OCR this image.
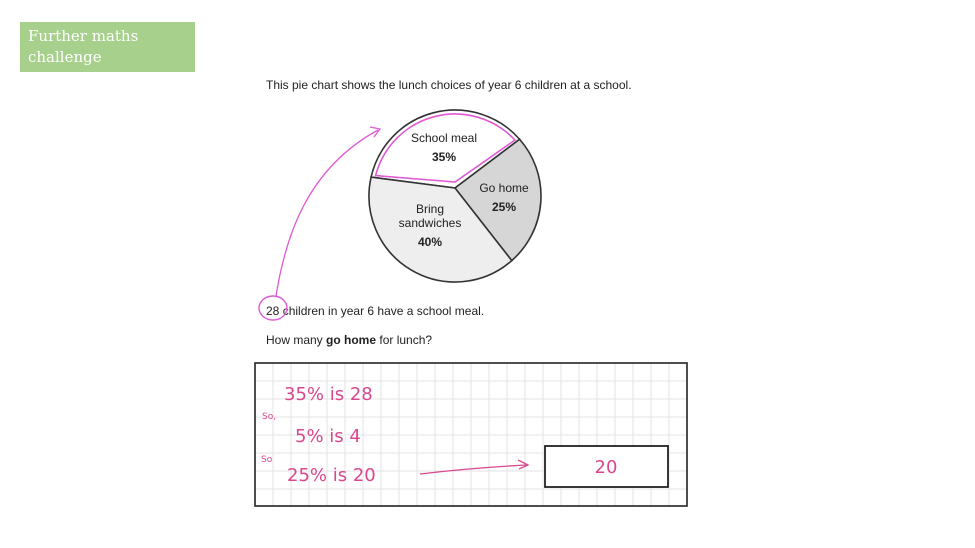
Further maths challenge
This pie chart shows the lunch choices of year 6 children at a school.
28 children in year 6 have a school meal.
How many go home for lunch?
School meal
35%
Go home
25%
Bring
sandwiches
40%
35% is 28
So,
5% is 4
So
25% is 20	20
